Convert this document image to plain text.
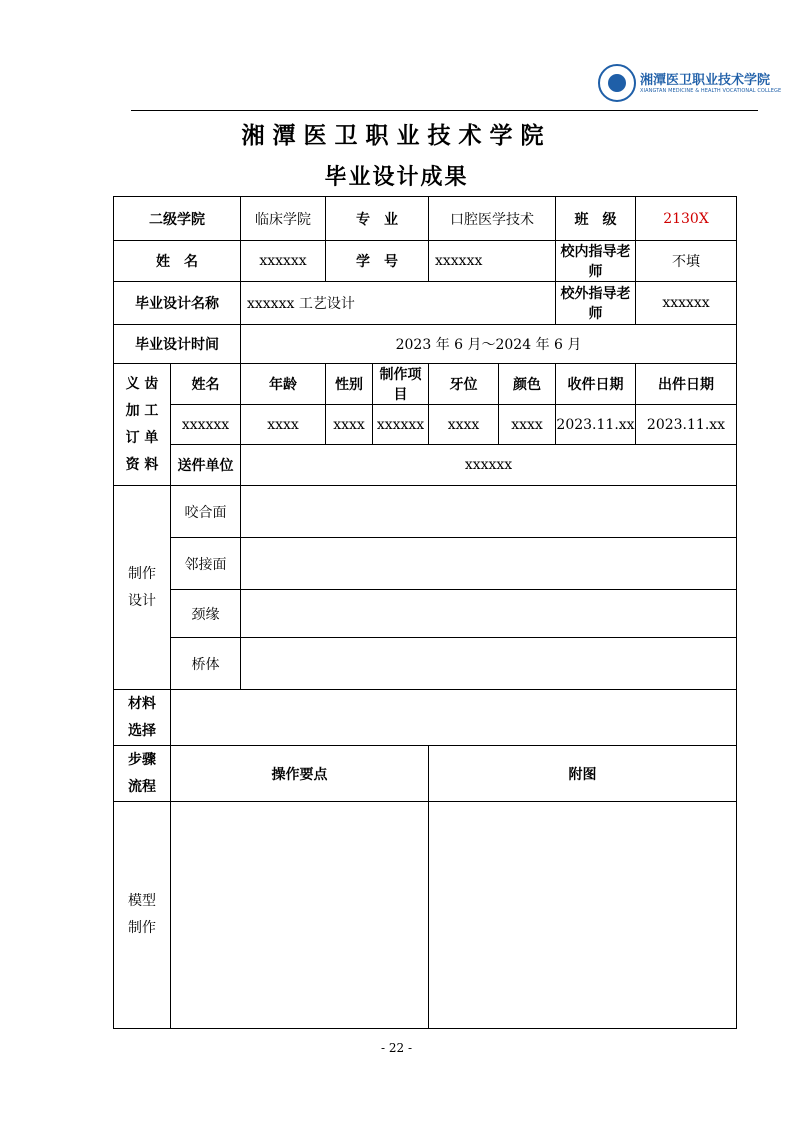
湘潭医卫职业技术学院
XIANGTAN MEDICINE & HEALTH VOCATIONAL COLLEGE
湘潭医卫职业技术学院
毕业设计成果
二级学院		临床学院	专　业		口腔医学技术		班　级	2130X
姓　名		xxxxxx	学　号		xxxxxx		校内指导老师	不填
毕业设计名称		xxxxxx 工艺设计					校外指导老师	xxxxxx
毕业设计时间		2023 年 6 月～2024 年 6 月						

义 齿
加 工
订 单
资 料	姓名	年龄	性别	制作项目	牙位	颜色	收件日期	出件日期
	xxxxxx	xxxx	xxxx	xxxxxx	xxxx	xxxx	2023.11.xx	2023.11.xx
	送件单位	xxxxxx						

制作
设计	咬合面							
	邻接面							
	颈缘							
	桥体							

材料
选择								

步骤
流程	操作要点				附图			

模型
制作								

- 22 -
